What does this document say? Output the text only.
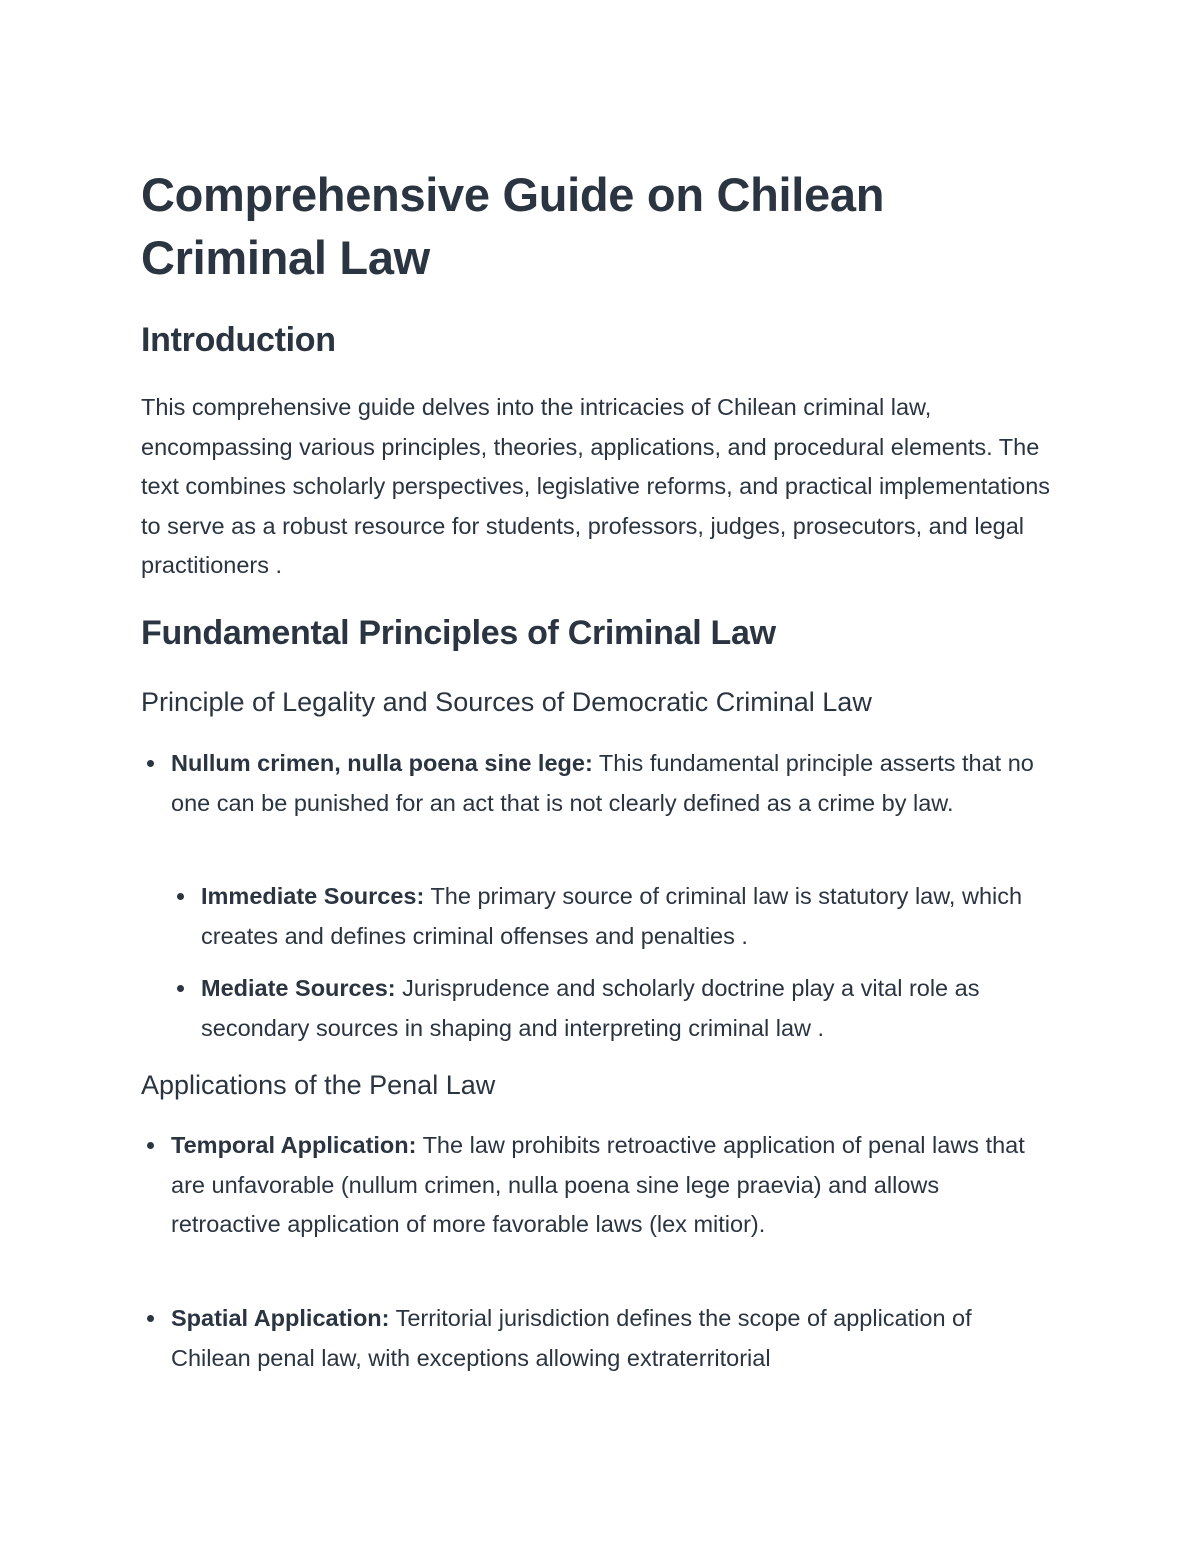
Comprehensive Guide on Chilean Criminal Law
Introduction

This comprehensive guide delves into the intricacies of Chilean criminal law, encompassing various principles, theories, applications, and procedural elements. The text combines scholarly perspectives, legislative reforms, and practical implementations to serve as a robust resource for students, professors, judges, prosecutors, and legal practitioners .

Fundamental Principles of Criminal Law
Principle of Legality and Sources of Democratic Criminal Law
Nullum crimen, nulla poena sine lege: This fundamental principle asserts that no one can be punished for an act that is not clearly defined as a crime by law.
Immediate Sources: The primary source of criminal law is statutory law, which creates and defines criminal offenses and penalties .
Mediate Sources: Jurisprudence and scholarly doctrine play a vital role as secondary sources in shaping and interpreting criminal law .
Applications of the Penal Law
Temporal Application: The law prohibits retroactive application of penal laws that are unfavorable (nullum crimen, nulla poena sine lege praevia) and allows retroactive application of more favorable laws (lex mitior).
Spatial Application: Territorial jurisdiction defines the scope of application of Chilean penal law, with exceptions allowing extraterritorial
